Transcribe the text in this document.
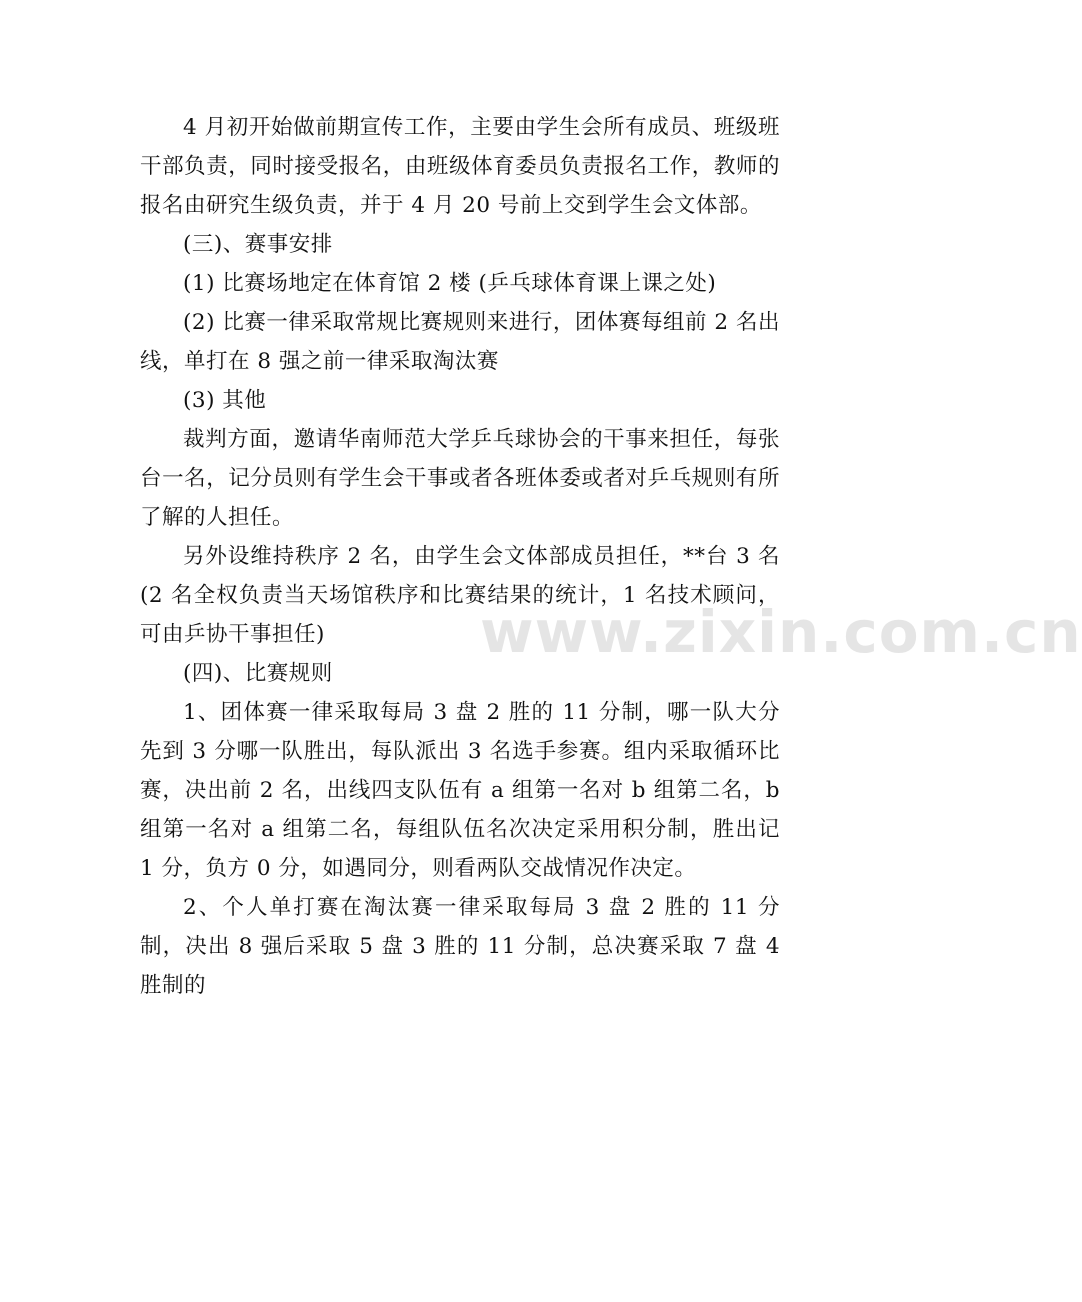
4 月初开始做前期宣传工作，主要由学生会所有成员、班级班干部负责，同时接受报名，由班级体育委员负责报名工作，教师的报名由研究生级负责，并于 4 月 20 号前上交到学生会文体部。

(三)、赛事安排

(1) 比赛场地定在体育馆 2 楼 (乒乓球体育课上课之处)

(2) 比赛一律采取常规比赛规则来进行，团体赛每组前 2 名出线，单打在 8 强之前一律采取淘汰赛

(3) 其他

裁判方面，邀请华南师范大学乒乓球协会的干事来担任，每张台一名，记分员则有学生会干事或者各班体委或者对乒乓规则有所了解的人担任。

另外设维持秩序 2 名，由学生会文体部成员担任，**台 3 名 (2 名全权负责当天场馆秩序和比赛结果的统计，1 名技术顾问，可由乒协干事担任)

(四)、比赛规则

1、团体赛一律采取每局 3 盘 2 胜的 11 分制，哪一队大分先到 3 分哪一队胜出，每队派出 3 名选手参赛。组内采取循环比赛，决出前 2 名，出线四支队伍有 a 组第一名对 b 组第二名，b 组第一名对 a 组第二名，每组队伍名次决定采用积分制，胜出记 1 分，负方 0 分，如遇同分，则看两队交战情况作决定。

2、个人单打赛在淘汰赛一律采取每局 3 盘 2 胜的 11 分制，决出 8 强后采取 5 盘 3 胜的 11 分制，总决赛采取 7 盘 4 胜制的

www.zixin.com.cn
